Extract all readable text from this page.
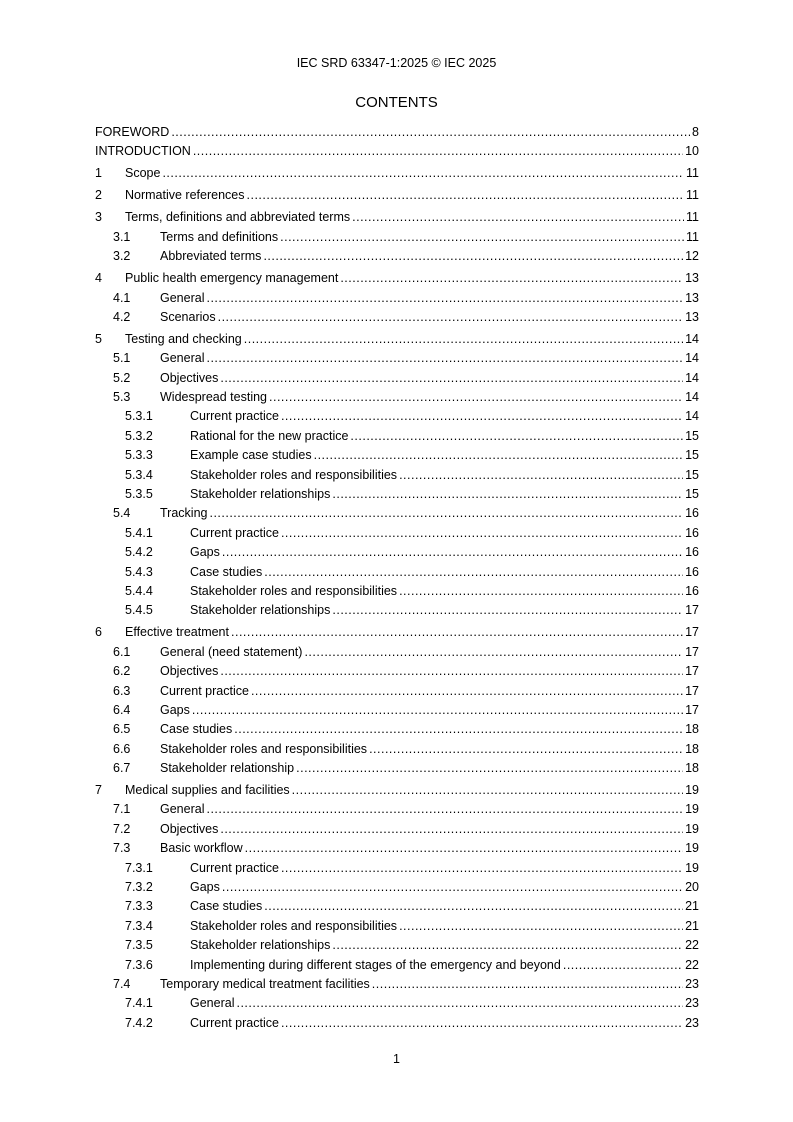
IEC SRD 63347-1:2025 © IEC 2025
CONTENTS
FOREWORD .....	8
INTRODUCTION .....	10
1	Scope .....	11
2	Normative references .....	11
3	Terms, definitions and abbreviated terms .....	11
3.1	Terms and definitions .....	11
3.2	Abbreviated terms .....	12
4	Public health emergency management .....	13
4.1	General .....	13
4.2	Scenarios .....	13
5	Testing and checking .....	14
5.1	General .....	14
5.2	Objectives .....	14
5.3	Widespread testing .....	14
5.3.1	Current practice .....	14
5.3.2	Rational for the new practice .....	15
5.3.3	Example case studies .....	15
5.3.4	Stakeholder roles and responsibilities .....	15
5.3.5	Stakeholder relationships .....	15
5.4	Tracking .....	16
5.4.1	Current practice .....	16
5.4.2	Gaps .....	16
5.4.3	Case studies .....	16
5.4.4	Stakeholder roles and responsibilities .....	16
5.4.5	Stakeholder relationships .....	17
6	Effective treatment .....	17
6.1	General (need statement) .....	17
6.2	Objectives .....	17
6.3	Current practice .....	17
6.4	Gaps .....	17
6.5	Case studies .....	18
6.6	Stakeholder roles and responsibilities .....	18
6.7	Stakeholder relationship .....	18
7	Medical supplies and facilities .....	19
7.1	General .....	19
7.2	Objectives .....	19
7.3	Basic workflow .....	19
7.3.1	Current practice .....	19
7.3.2	Gaps .....	20
7.3.3	Case studies .....	21
7.3.4	Stakeholder roles and responsibilities .....	21
7.3.5	Stakeholder relationships .....	22
7.3.6	Implementing during different stages of the emergency and beyond .....	22
7.4	Temporary medical treatment facilities .....	23
7.4.1	General .....	23
7.4.2	Current practice .....	23
1
